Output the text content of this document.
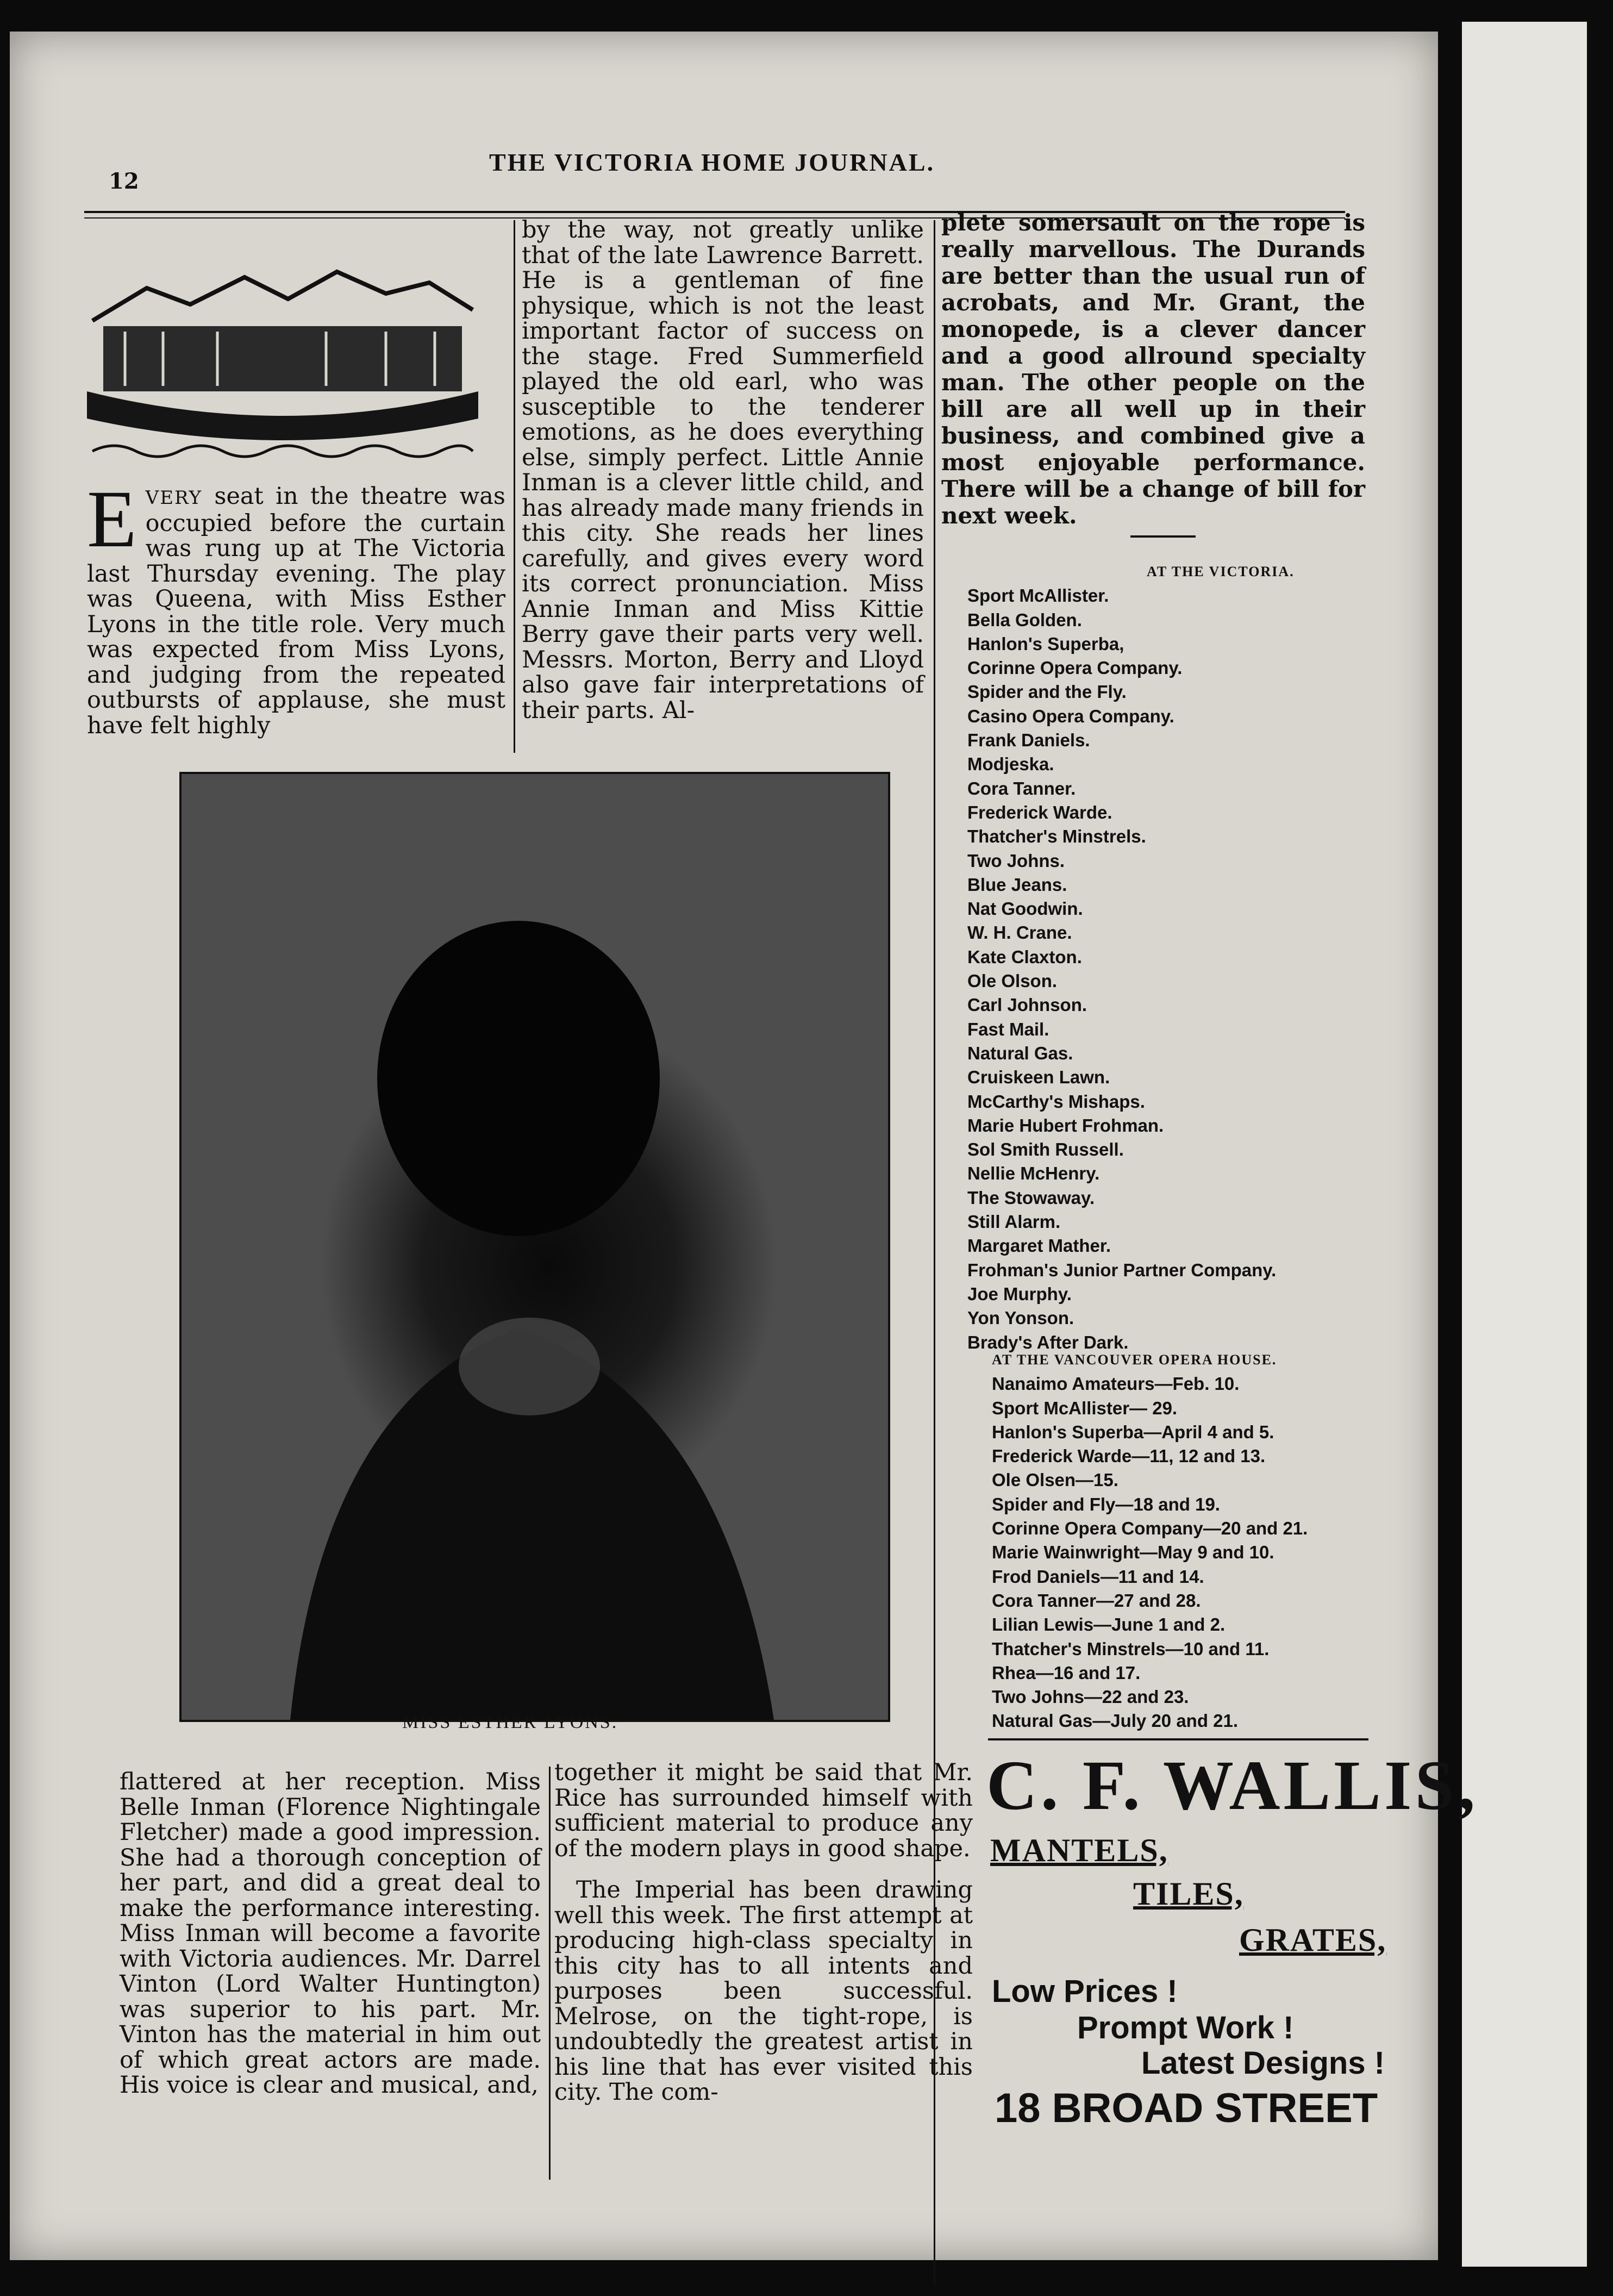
12
THE VICTORIA HOME JOURNAL.
E VERY seat in the theatre was occupied before the curtain was rung up at The Victoria last Thursday evening. The play was Queena, with Miss Esther Lyons in the title role. Very much was expected from Miss Lyons, and judging from the repeated outbursts of applause, she must have felt highly

by the way, not greatly unlike that of the late Lawrence Barrett. He is a gentleman of fine physique, which is not the least important factor of success on the stage. Fred Summerfield played the old earl, who was susceptible to the tenderer emotions, as he does everything else, simply perfect. Little Annie Inman is a clever little child, and has already made many friends in this city. She reads her lines carefully, and gives every word its correct pronunciation. Miss Annie Inman and Miss Kittie Berry gave their parts very well. Messrs. Morton, Berry and Lloyd also gave fair interpretations of their parts. Al-

plete somersault on the rope is really marvellous. The Durands are better than the usual run of acrobats, and Mr. Grant, the monopede, is a clever dancer and a good allround specialty man. The other people on the bill are all well up in their business, and combined give a most enjoyable performance. There will be a change of bill for next week.

MISS ESTHER LYONS.

flattered at her reception. Miss Belle Inman (Florence Nightingale Fletcher) made a good impression. She had a thorough conception of her part, and did a great deal to make the performance interesting. Miss Inman will become a favorite with Victoria audiences. Mr. Darrel Vinton (Lord Walter Huntington) was superior to his part. Mr. Vinton has the material in him out of which great actors are made. His voice is clear and musical, and,

together it might be said that Mr. Rice has surrounded himself with sufficient material to produce any of the modern plays in good shape.

The Imperial has been drawing well this week. The first attempt at producing high-class specialty in this city has to all intents and purposes been successful. Melrose, on the tight-rope, is undoubtedly the greatest artist in his line that has ever visited this city. The com-

AT THE VICTORIA.
Sport McAllister.
Bella Golden.
Hanlon's Superba,
Corinne Opera Company.
Spider and the Fly.
Casino Opera Company.
Frank Daniels.
Modjeska.
Cora Tanner.
Frederick Warde.
Thatcher's Minstrels.
Two Johns.
Blue Jeans.
Nat Goodwin.
W. H. Crane.
Kate Claxton.
Ole Olson.
Carl Johnson.
Fast Mail.
Natural Gas.
Cruiskeen Lawn.
McCarthy's Mishaps.
Marie Hubert Frohman.
Sol Smith Russell.
Nellie McHenry.
The Stowaway.
Still Alarm.
Margaret Mather.
Frohman's Junior Partner Company.
Joe Murphy.
Yon Yonson.
Brady's After Dark.
AT THE VANCOUVER OPERA HOUSE.
Nanaimo Amateurs—Feb. 10.
Sport McAllister— 29.
Hanlon's Superba—April 4 and 5.
Frederick Warde—11, 12 and 13.
Ole Olsen—15.
Spider and Fly—18 and 19.
Corinne Opera Company—20 and 21.
Marie Wainwright—May 9 and 10.
Frod Daniels—11 and 14.
Cora Tanner—27 and 28.
Lilian Lewis—June 1 and 2.
Thatcher's Minstrels—10 and 11.
Rhea—16 and 17.
Two Johns—22 and 23.
Natural Gas—July 20 and 21.
C. F. WALLIS,
MANTELS,
TILES,
GRATES,
Low Prices !
Prompt Work !
Latest Designs !
18 BROAD STREET
